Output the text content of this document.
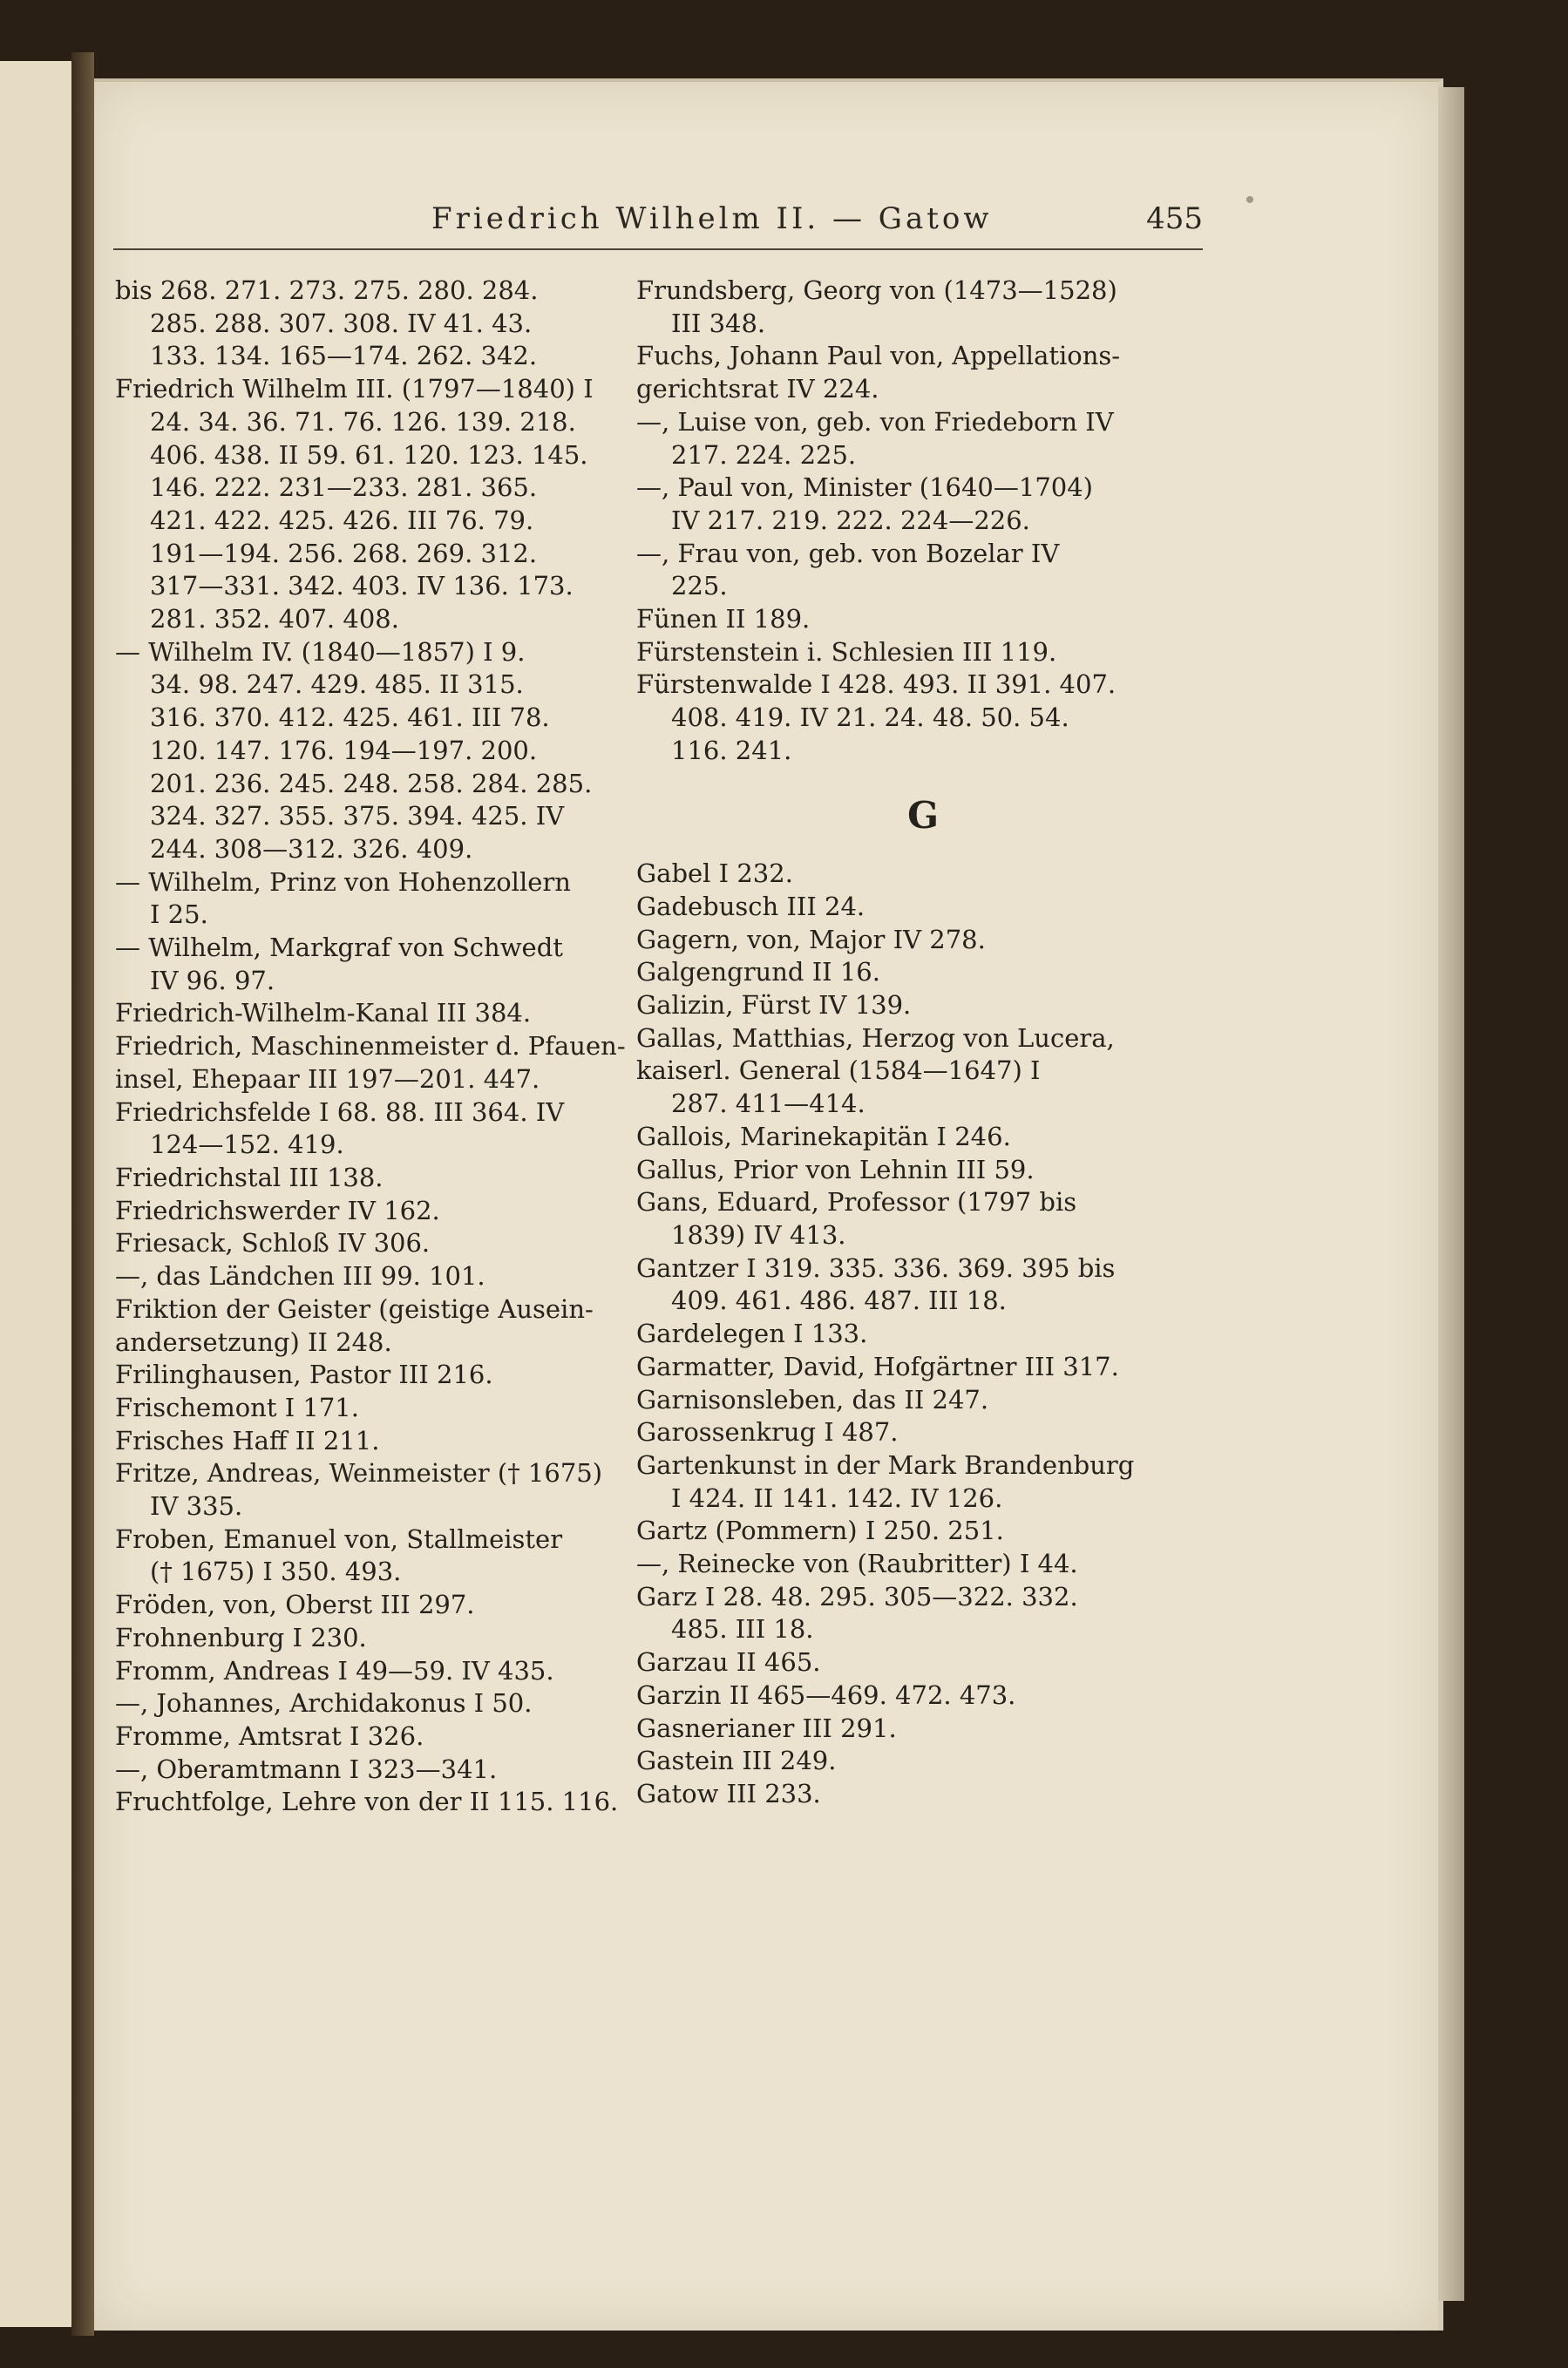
Friedrich Wilhelm II. — Gatow	455
bis 268. 271. 273. 275. 280. 284.
285. 288. 307. 308. IV 41. 43.
133. 134. 165—174. 262. 342.
Friedrich Wilhelm III. (1797—1840) I
24. 34. 36. 71. 76. 126. 139. 218.
406. 438. II 59. 61. 120. 123. 145.
146. 222. 231—233. 281. 365.
421. 422. 425. 426. III 76. 79.
191—194. 256. 268. 269. 312.
317—331. 342. 403. IV 136. 173.
281. 352. 407. 408.
— Wilhelm IV. (1840—1857) I 9.
34. 98. 247. 429. 485. II 315.
316. 370. 412. 425. 461. III 78.
120. 147. 176. 194—197. 200.
201. 236. 245. 248. 258. 284. 285.
324. 327. 355. 375. 394. 425. IV
244. 308—312. 326. 409.
— Wilhelm, Prinz von Hohenzollern
I 25.
— Wilhelm, Markgraf von Schwedt
IV 96. 97.
Friedrich-Wilhelm-Kanal III 384.
Friedrich, Maschinenmeister d. Pfauen-
insel, Ehepaar III 197—201. 447.
Friedrichsfelde I 68. 88. III 364. IV
124—152. 419.
Friedrichstal III 138.
Friedrichswerder IV 162.
Friesack, Schloß IV 306.
—, das Ländchen III 99. 101.
Friktion der Geister (geistige Ausein-
andersetzung) II 248.
Frilinghausen, Pastor III 216.
Frischemont I 171.
Frisches Haff II 211.
Fritze, Andreas, Weinmeister († 1675)
IV 335.
Froben, Emanuel von, Stallmeister
(† 1675) I 350. 493.
Fröden, von, Oberst III 297.
Frohnenburg I 230.
Fromm, Andreas I 49—59. IV 435.
—, Johannes, Archidakonus I 50.
Fromme, Amtsrat I 326.
—, Oberamtmann I 323—341.
Fruchtfolge, Lehre von der II 115. 116.
Frundsberg, Georg von (1473—1528)
III 348.
Fuchs, Johann Paul von, Appellations-
gerichtsrat IV 224.
—, Luise von, geb. von Friedeborn IV
217. 224. 225.
—, Paul von, Minister (1640—1704)
IV 217. 219. 222. 224—226.
—, Frau von, geb. von Bozelar IV
225.
Fünen II 189.
Fürstenstein i. Schlesien III 119.
Fürstenwalde I 428. 493. II 391. 407.
408. 419. IV 21. 24. 48. 50. 54.
116. 241.
G
Gabel I 232.
Gadebusch III 24.
Gagern, von, Major IV 278.
Galgengrund II 16.
Galizin, Fürst IV 139.
Gallas, Matthias, Herzog von Lucera,
kaiserl. General (1584—1647) I
287. 411—414.
Gallois, Marinekapitän I 246.
Gallus, Prior von Lehnin III 59.
Gans, Eduard, Professor (1797 bis
1839) IV 413.
Gantzer I 319. 335. 336. 369. 395 bis
409. 461. 486. 487. III 18.
Gardelegen I 133.
Garmatter, David, Hofgärtner III 317.
Garnisonsleben, das II 247.
Garossenkrug I 487.
Gartenkunst in der Mark Brandenburg
I 424. II 141. 142. IV 126.
Gartz (Pommern) I 250. 251.
—, Reinecke von (Raubritter) I 44.
Garz I 28. 48. 295. 305—322. 332.
485. III 18.
Garzau II 465.
Garzin II 465—469. 472. 473.
Gasnerianer III 291.
Gastein III 249.
Gatow III 233.
